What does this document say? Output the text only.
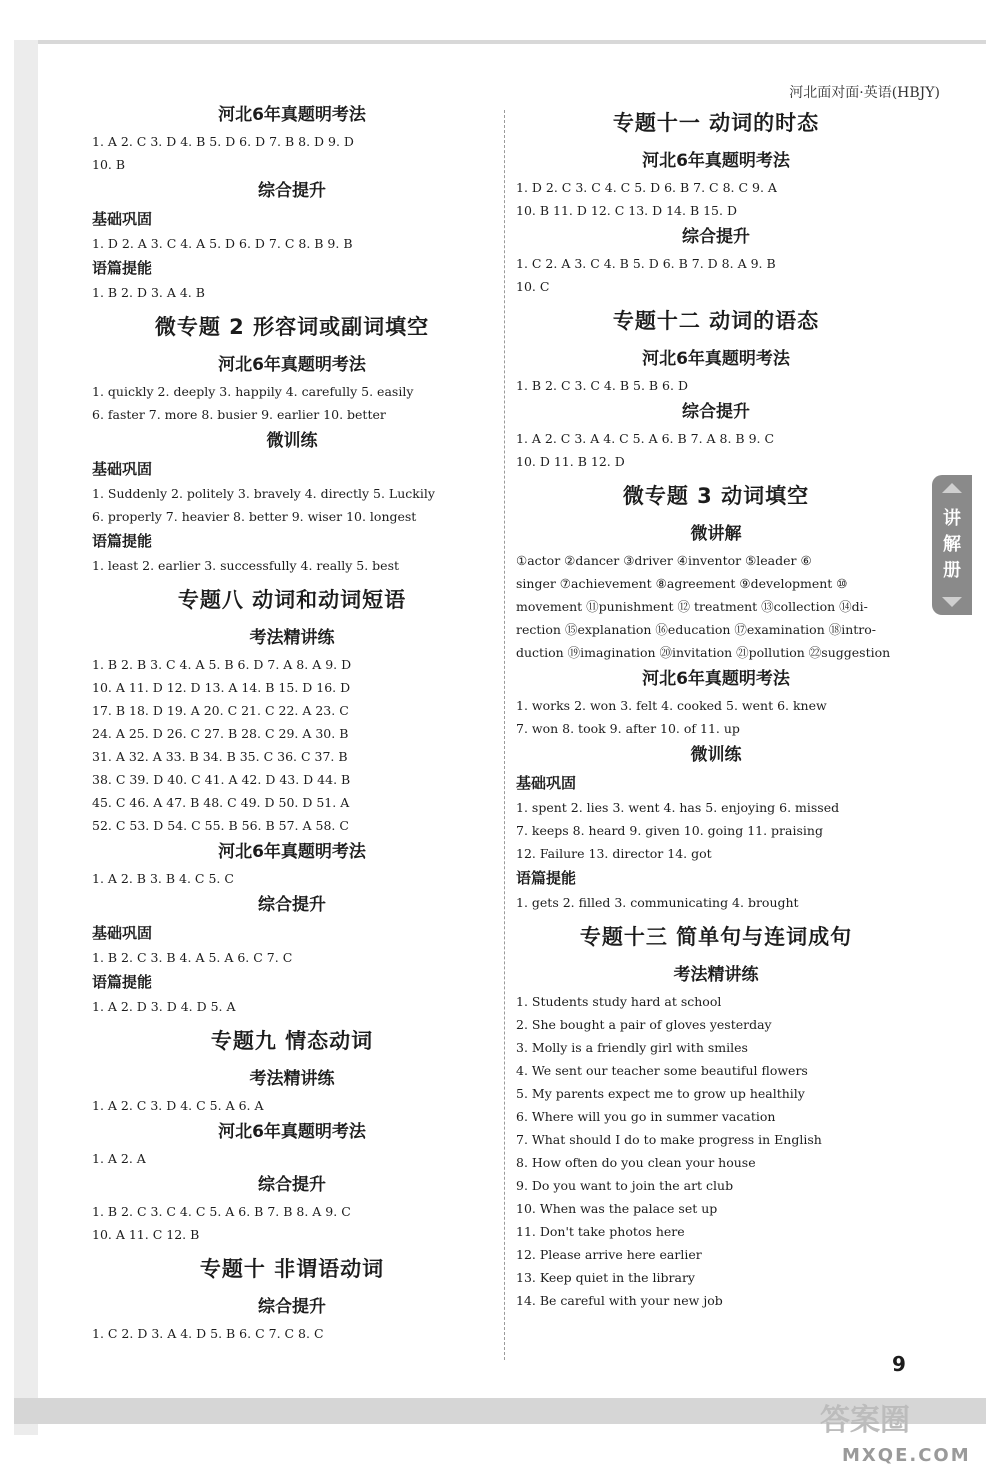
河北面对面·英语(HBJY)
河北6年真题明考法
1. A 2. C 3. D 4. B 5. D 6. D 7. B 8. D 9. D
10. B
综合提升
基础巩固
1. D 2. A 3. C 4. A 5. D 6. D 7. C 8. B 9. B
语篇提能
1. B 2. D 3. A 4. B
微专题 2 形容词或副词填空
河北6年真题明考法
1. quickly 2. deeply 3. happily 4. carefully 5. easily
6. faster 7. more 8. busier 9. earlier 10. better
微训练
基础巩固
1. Suddenly 2. politely 3. bravely 4. directly 5. Luckily
6. properly 7. heavier 8. better 9. wiser 10. longest
语篇提能
1. least 2. earlier 3. successfully 4. really 5. best
专题八 动词和动词短语
考法精讲练
1. B 2. B 3. C 4. A 5. B 6. D 7. A 8. A 9. D
10. A 11. D 12. D 13. A 14. B 15. D 16. D
17. B 18. D 19. A 20. C 21. C 22. A 23. C
24. A 25. D 26. C 27. B 28. C 29. A 30. B
31. A 32. A 33. B 34. B 35. C 36. C 37. B
38. C 39. D 40. C 41. A 42. D 43. D 44. B
45. C 46. A 47. B 48. C 49. D 50. D 51. A
52. C 53. D 54. C 55. B 56. B 57. A 58. C
河北6年真题明考法
1. A 2. B 3. B 4. C 5. C
综合提升
基础巩固
1. B 2. C 3. B 4. A 5. A 6. C 7. C
语篇提能
1. A 2. D 3. D 4. D 5. A
专题九 情态动词
考法精讲练
1. A 2. C 3. D 4. C 5. A 6. A
河北6年真题明考法
1. A 2. A
综合提升
1. B 2. C 3. C 4. C 5. A 6. B 7. B 8. A 9. C
10. A 11. C 12. B
专题十 非谓语动词
综合提升
1. C 2. D 3. A 4. D 5. B 6. C 7. C 8. C
专题十一 动词的时态
河北6年真题明考法
1. D 2. C 3. C 4. C 5. D 6. B 7. C 8. C 9. A
10. B 11. D 12. C 13. D 14. B 15. D
综合提升
1. C 2. A 3. C 4. B 5. D 6. B 7. D 8. A 9. B
10. C
专题十二 动词的语态
河北6年真题明考法
1. B 2. C 3. C 4. B 5. B 6. D
综合提升
1. A 2. C 3. A 4. C 5. A 6. B 7. A 8. B 9. C
10. D 11. B 12. D
微专题 3 动词填空
微讲解
①actor ②dancer ③driver ④inventor ⑤leader ⑥
singer ⑦achievement ⑧agreement ⑨development ⑩
movement ⑪punishment ⑫ treatment ⑬collection ⑭di-
rection ⑮explanation ⑯education ⑰examination ⑱intro-
duction ⑲imagination ⑳invitation ㉑pollution ㉒suggestion
河北6年真题明考法
1. works 2. won 3. felt 4. cooked 5. went 6. knew
7. won 8. took 9. after 10. of 11. up
微训练
基础巩固
1. spent 2. lies 3. went 4. has 5. enjoying 6. missed
7. keeps 8. heard 9. given 10. going 11. praising
12. Failure 13. director 14. got
语篇提能
1. gets 2. filled 3. communicating 4. brought
专题十三 简单句与连词成句
考法精讲练
1. Students study hard at school
2. She bought a pair of gloves yesterday
3. Molly is a friendly girl with smiles
4. We sent our teacher some beautiful flowers
5. My parents expect me to grow up healthily
6. Where will you go in summer vacation
7. What should I do to make progress in English
8. How often do you clean your house
9. Do you want to join the art club
10. When was the palace set up
11. Don't take photos here
12. Please arrive here earlier
13. Keep quiet in the library
14. Be careful with your new job
讲
解
册
9
答案圈
MXQE.COM
